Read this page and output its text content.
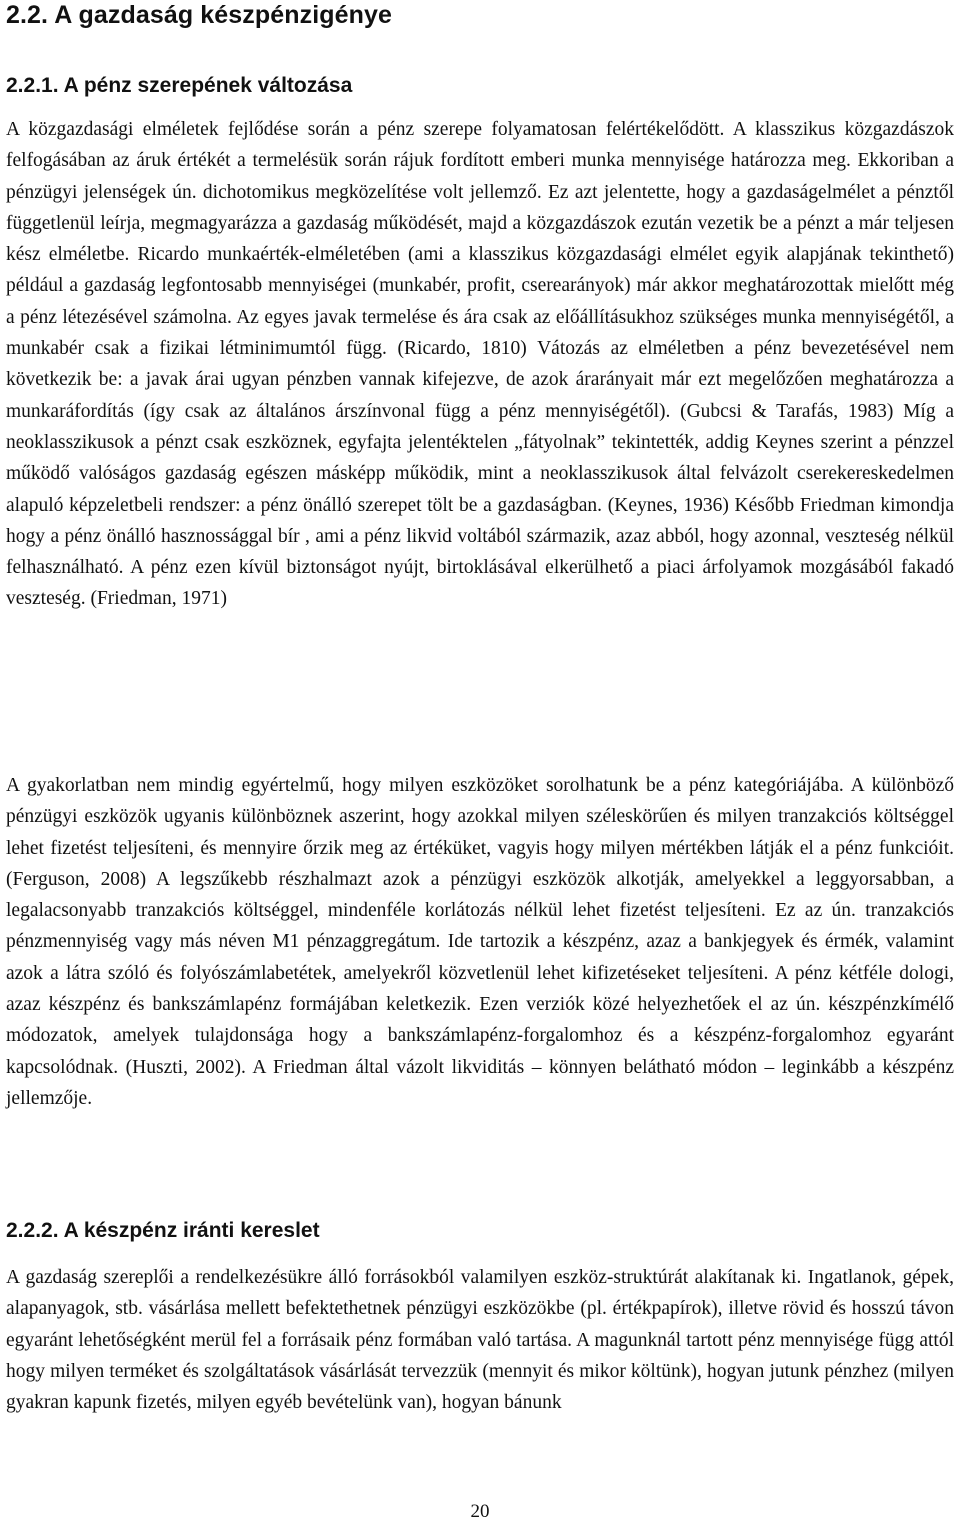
2.2. A gazdaság készpénzigénye
2.2.1. A pénz szerepének változása

A közgazdasági elméletek fejlődése során a pénz szerepe folyamatosan felértékelődött. A klasszikus közgazdászok felfogásában az áruk értékét a termelésük során rájuk fordított emberi munka mennyisége határozza meg. Ekkoriban a pénzügyi jelenségek ún. dichotomikus megközelítése volt jellemző. Ez azt jelentette, hogy a gazdaságelmélet a pénztől függetlenül leírja, megmagyarázza a gazdaság működését, majd a közgazdászok ezután vezetik be a pénzt a már teljesen kész elméletbe. Ricardo munkaérték-elméletében (ami a klasszikus közgazdasági elmélet egyik alapjának tekinthető) például a gazdaság legfontosabb mennyiségei (munkabér, profit, cserearányok) már akkor meghatározottak mielőtt még a pénz létezésével számolna. Az egyes javak termelése és ára csak az előállításukhoz szükséges munka mennyiségétől, a munkabér csak a fizikai létminimumtól függ. (Ricardo, 1810) Vátozás az elméletben a pénz bevezetésével nem következik be: a javak árai ugyan pénzben vannak kifejezve, de azok árarányait már ezt megelőzően meghatározza a munkaráfordítás (így csak az általános árszínvonal függ a pénz mennyiségétől). (Gubcsi & Tarafás, 1983) Míg a neoklasszikusok a pénzt csak eszköznek, egyfajta jelentéktelen „fátyolnak” tekintették, addig Keynes szerint a pénzzel működő valóságos gazdaság egészen másképp működik, mint a neoklasszikusok által felvázolt cserekereskedelmen alapuló képzeletbeli rendszer: a pénz önálló szerepet tölt be a gazdaságban. (Keynes, 1936) Később Friedman kimondja hogy a pénz önálló hasznossággal bír , ami a pénz likvid voltából származik, azaz abból, hogy azonnal, veszteség nélkül felhasználható. A pénz ezen kívül biztonságot nyújt, birtoklásával elkerülhető a piaci árfolyamok mozgásából fakadó veszteség. (Friedman, 1971)

A gyakorlatban nem mindig egyértelmű, hogy milyen eszközöket sorolhatunk be a pénz kategóriájába. A különböző pénzügyi eszközök ugyanis különböznek aszerint, hogy azokkal milyen széleskörűen és milyen tranzakciós költséggel lehet fizetést teljesíteni, és mennyire őrzik meg az értéküket, vagyis hogy milyen mértékben látják el a pénz funkcióit. (Ferguson, 2008) A legszűkebb részhalmazt azok a pénzügyi eszközök alkotják, amelyekkel a leggyorsabban, a legalacsonyabb tranzakciós költséggel, mindenféle korlátozás nélkül lehet fizetést teljesíteni. Ez az ún. tranzakciós pénzmennyiség vagy más néven M1 pénzaggregátum. Ide tartozik a készpénz, azaz a bankjegyek és érmék, valamint azok a látra szóló és folyószámlabetétek, amelyekről közvetlenül lehet kifizetéseket teljesíteni. A pénz kétféle dologi, azaz készpénz és bankszámlapénz formájában keletkezik. Ezen verziók közé helyezhetőek el az ún. készpénzkímélő módozatok, amelyek tulajdonsága hogy a bankszámlapénz-forgalomhoz és a készpénz-forgalomhoz egyaránt kapcsolódnak. (Huszti, 2002). A Friedman által vázolt likviditás – könnyen belátható módon – leginkább a készpénz jellemzője.

2.2.2. A készpénz iránti kereslet

A gazdaság szereplői a rendelkezésükre álló forrásokból valamilyen eszköz-struktúrát alakítanak ki. Ingatlanok, gépek, alapanyagok, stb. vásárlása mellett befektethetnek pénzügyi eszközökbe (pl. értékpapírok), illetve rövid és hosszú távon egyaránt lehetőségként merül fel a forrásaik pénz formában való tartása. A magunknál tartott pénz mennyisége függ attól hogy milyen terméket és szolgáltatások vásárlását tervezzük (mennyit és mikor költünk), hogyan jutunk pénzhez (milyen gyakran kapunk fizetés, milyen egyéb bevételünk van), hogyan bánunk

20
